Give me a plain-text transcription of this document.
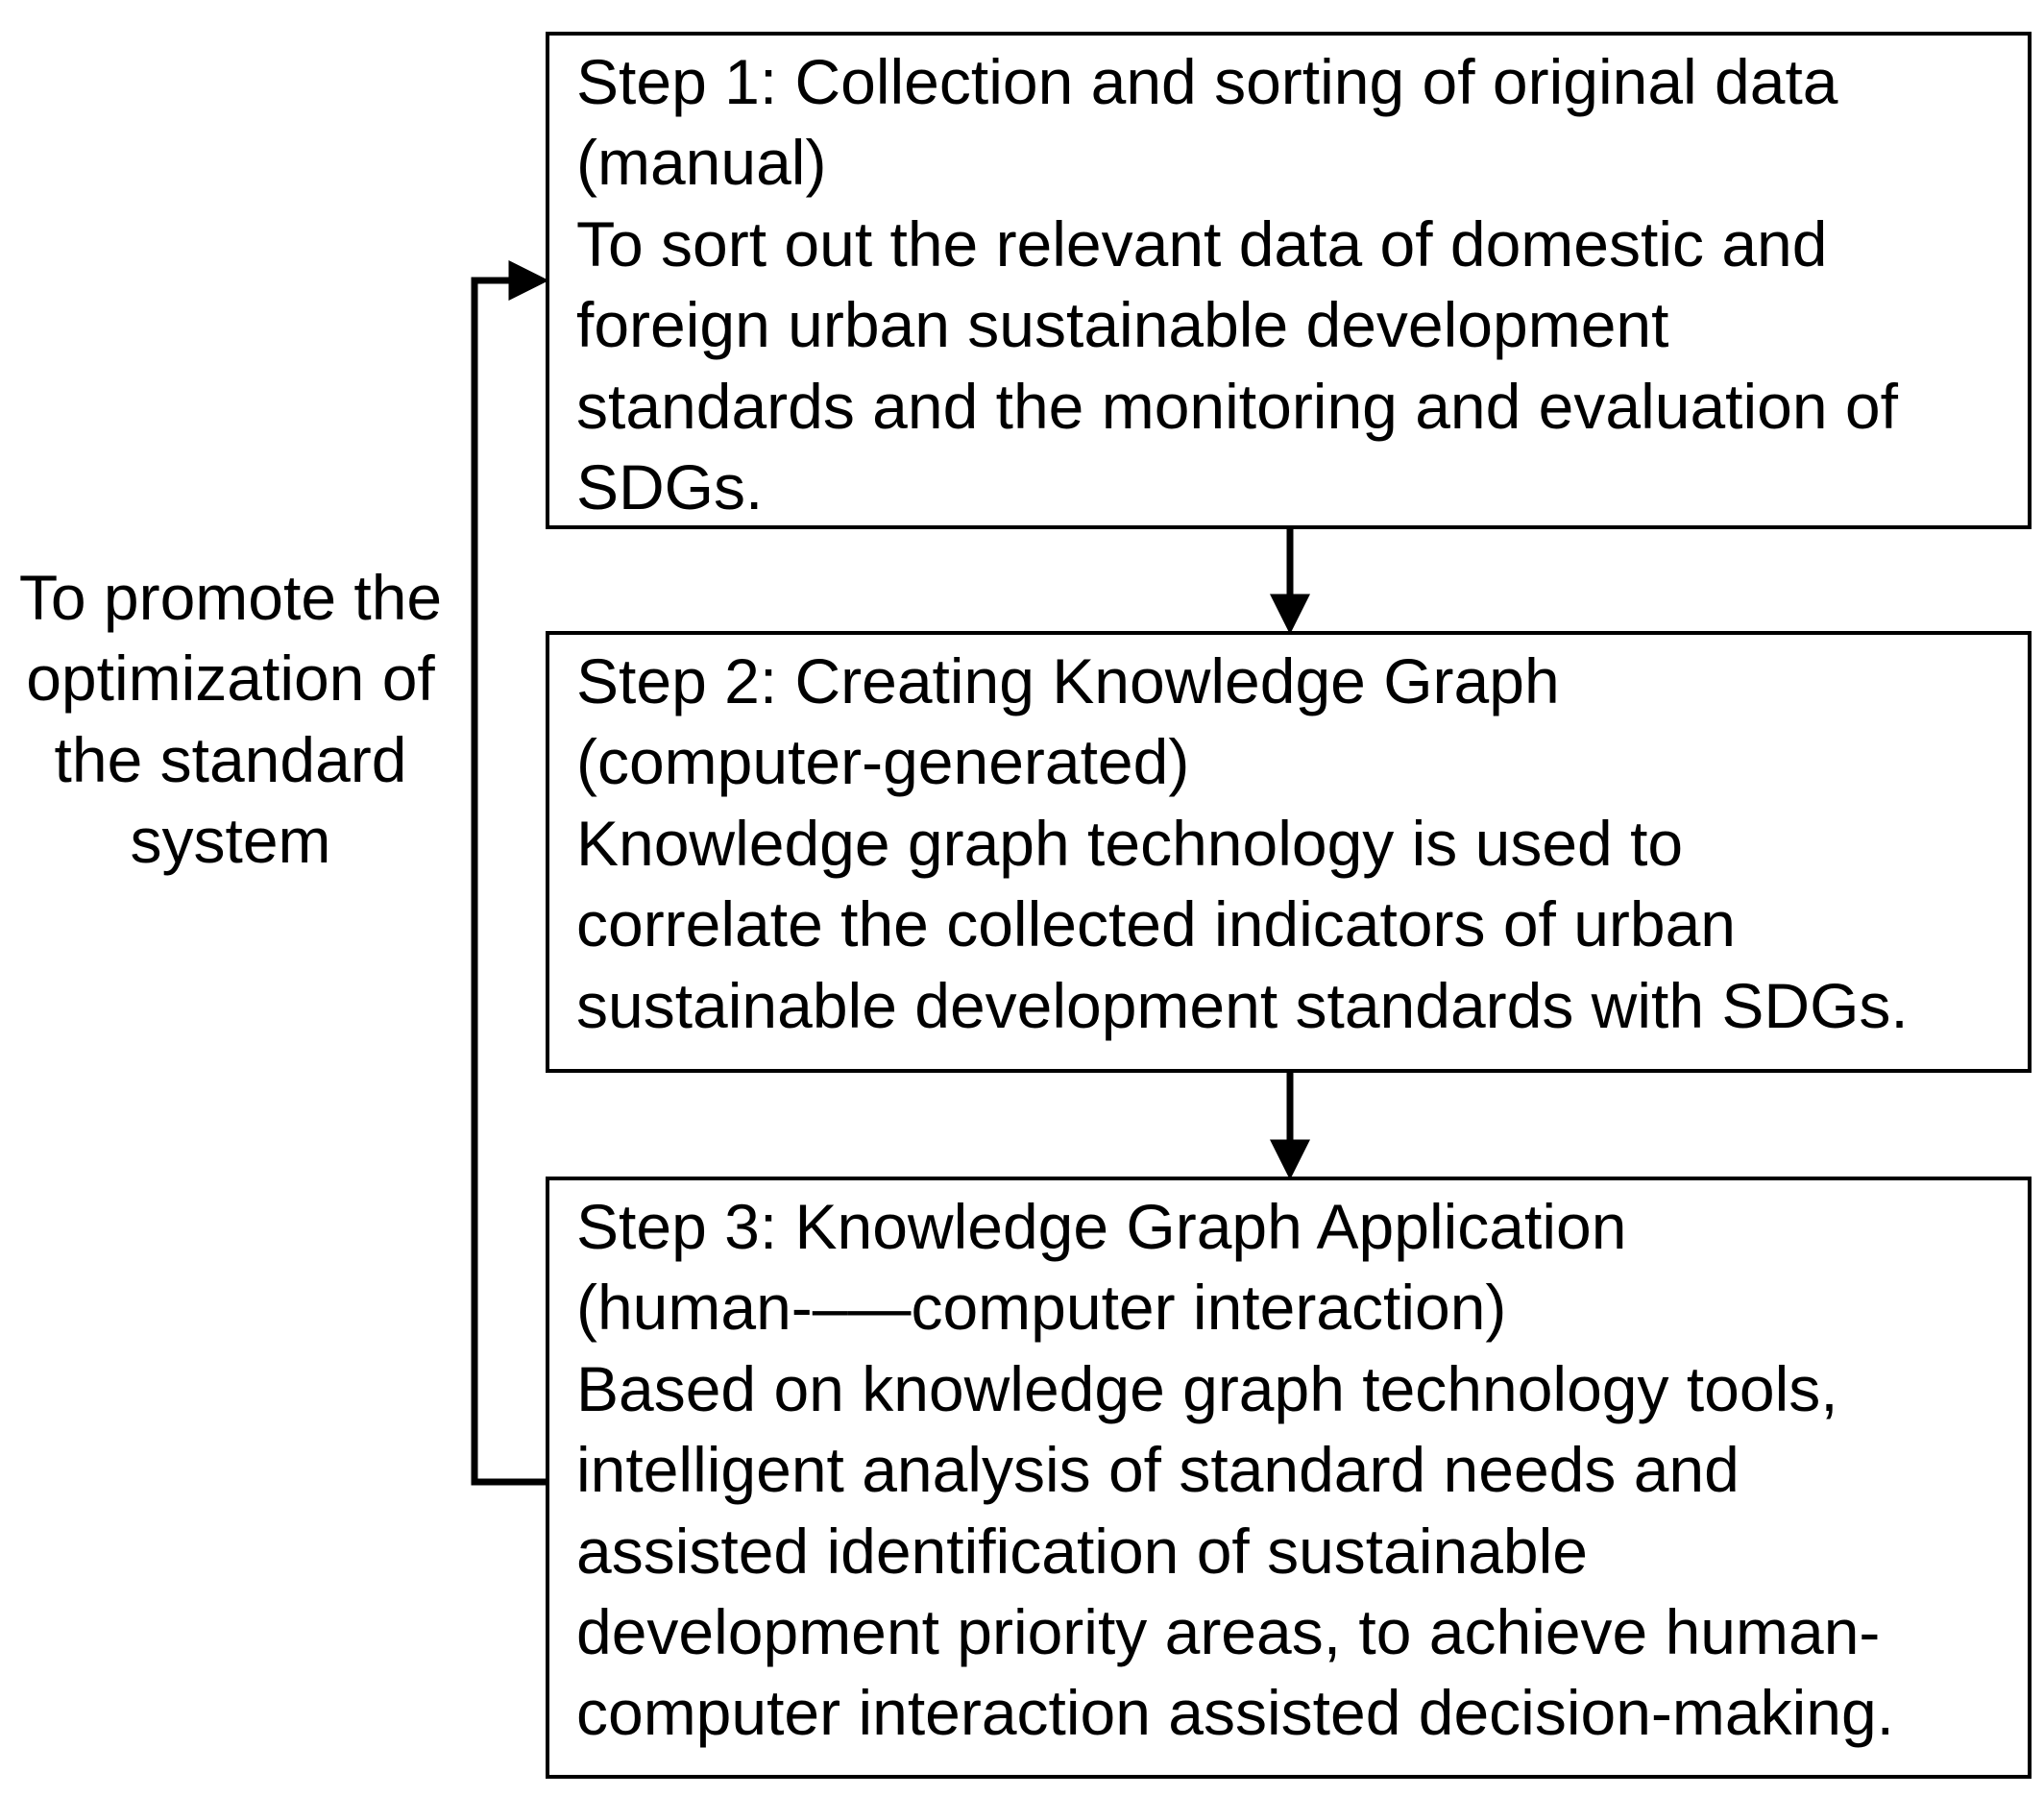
To promote the
optimization of
the standard
system
Step 1: Collection and sorting of original data
(manual)
To sort out the relevant data of domestic and
foreign urban sustainable development
standards and the monitoring and evaluation of
SDGs.
Step 2: Creating Knowledge Graph
(computer-generated)
Knowledge graph technology is used to
correlate the collected indicators of urban
sustainable development standards with SDGs.
Step 3: Knowledge Graph Application
(human-–—computer interaction)
Based on knowledge graph technology tools,
intelligent analysis of standard needs and
assisted identification of sustainable
development priority areas, to achieve human-
computer interaction assisted decision-making.
